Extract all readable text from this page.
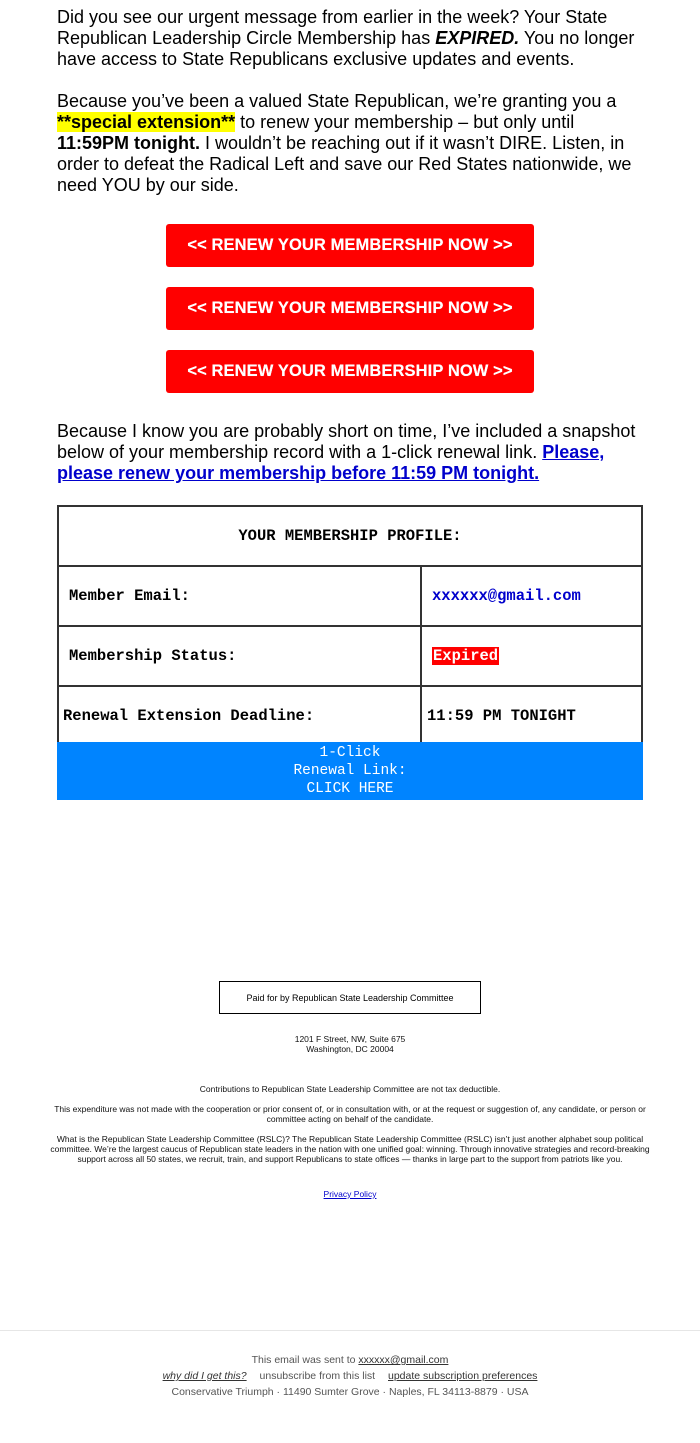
Did you see our urgent message from earlier in the week? Your State Republican Leadership Circle Membership has EXPIRED. You no longer have access to State Republicans exclusive updates and events.
Because you’ve been a valued State Republican, we’re granting you a **special extension** to renew your membership – but only until 11:59PM tonight. I wouldn’t be reaching out if it wasn’t DIRE. Listen, in order to defeat the Radical Left and save our Red States nationwide, we need YOU by our side.
<< RENEW YOUR MEMBERSHIP NOW >>
<< RENEW YOUR MEMBERSHIP NOW >>
<< RENEW YOUR MEMBERSHIP NOW >>
Because I know you are probably short on time, I’ve included a snapshot below of your membership record with a 1-click renewal link. Please, please renew your membership before 11:59 PM tonight.
YOUR MEMBERSHIP PROFILE:	
Member Email:	xxxxxx@gmail.com
Membership Status:	Expired
Renewal Extension Deadline:	11:59 PM TONIGHT
1-Click
Renewal Link:
CLICK HERE
Paid for by Republican State Leadership Committee
1201 F Street, NW, Suite 675
Washington, DC 20004
Contributions to Republican State Leadership Committee are not tax deductible.
This expenditure was not made with the cooperation or prior consent of, or in consultation with, or at the request or suggestion of, any candidate, or person or committee acting on behalf of the candidate.
What is the Republican State Leadership Committee (RSLC)? The Republican State Leadership Committee (RSLC) isn’t just another alphabet soup political committee. We’re the largest caucus of Republican state leaders in the nation with one unified goal: winning. Through innovative strategies and record-breaking support across all 50 states, we recruit, train, and support Republicans to state offices — thanks in large part to the support from patriots like you.
Privacy Policy
This email was sent to xxxxxx@gmail.com
why did I get this? unsubscribe from this list update subscription preferences
Conservative Triumph · 11490 Sumter Grove · Naples, FL 34113-8879 · USA
